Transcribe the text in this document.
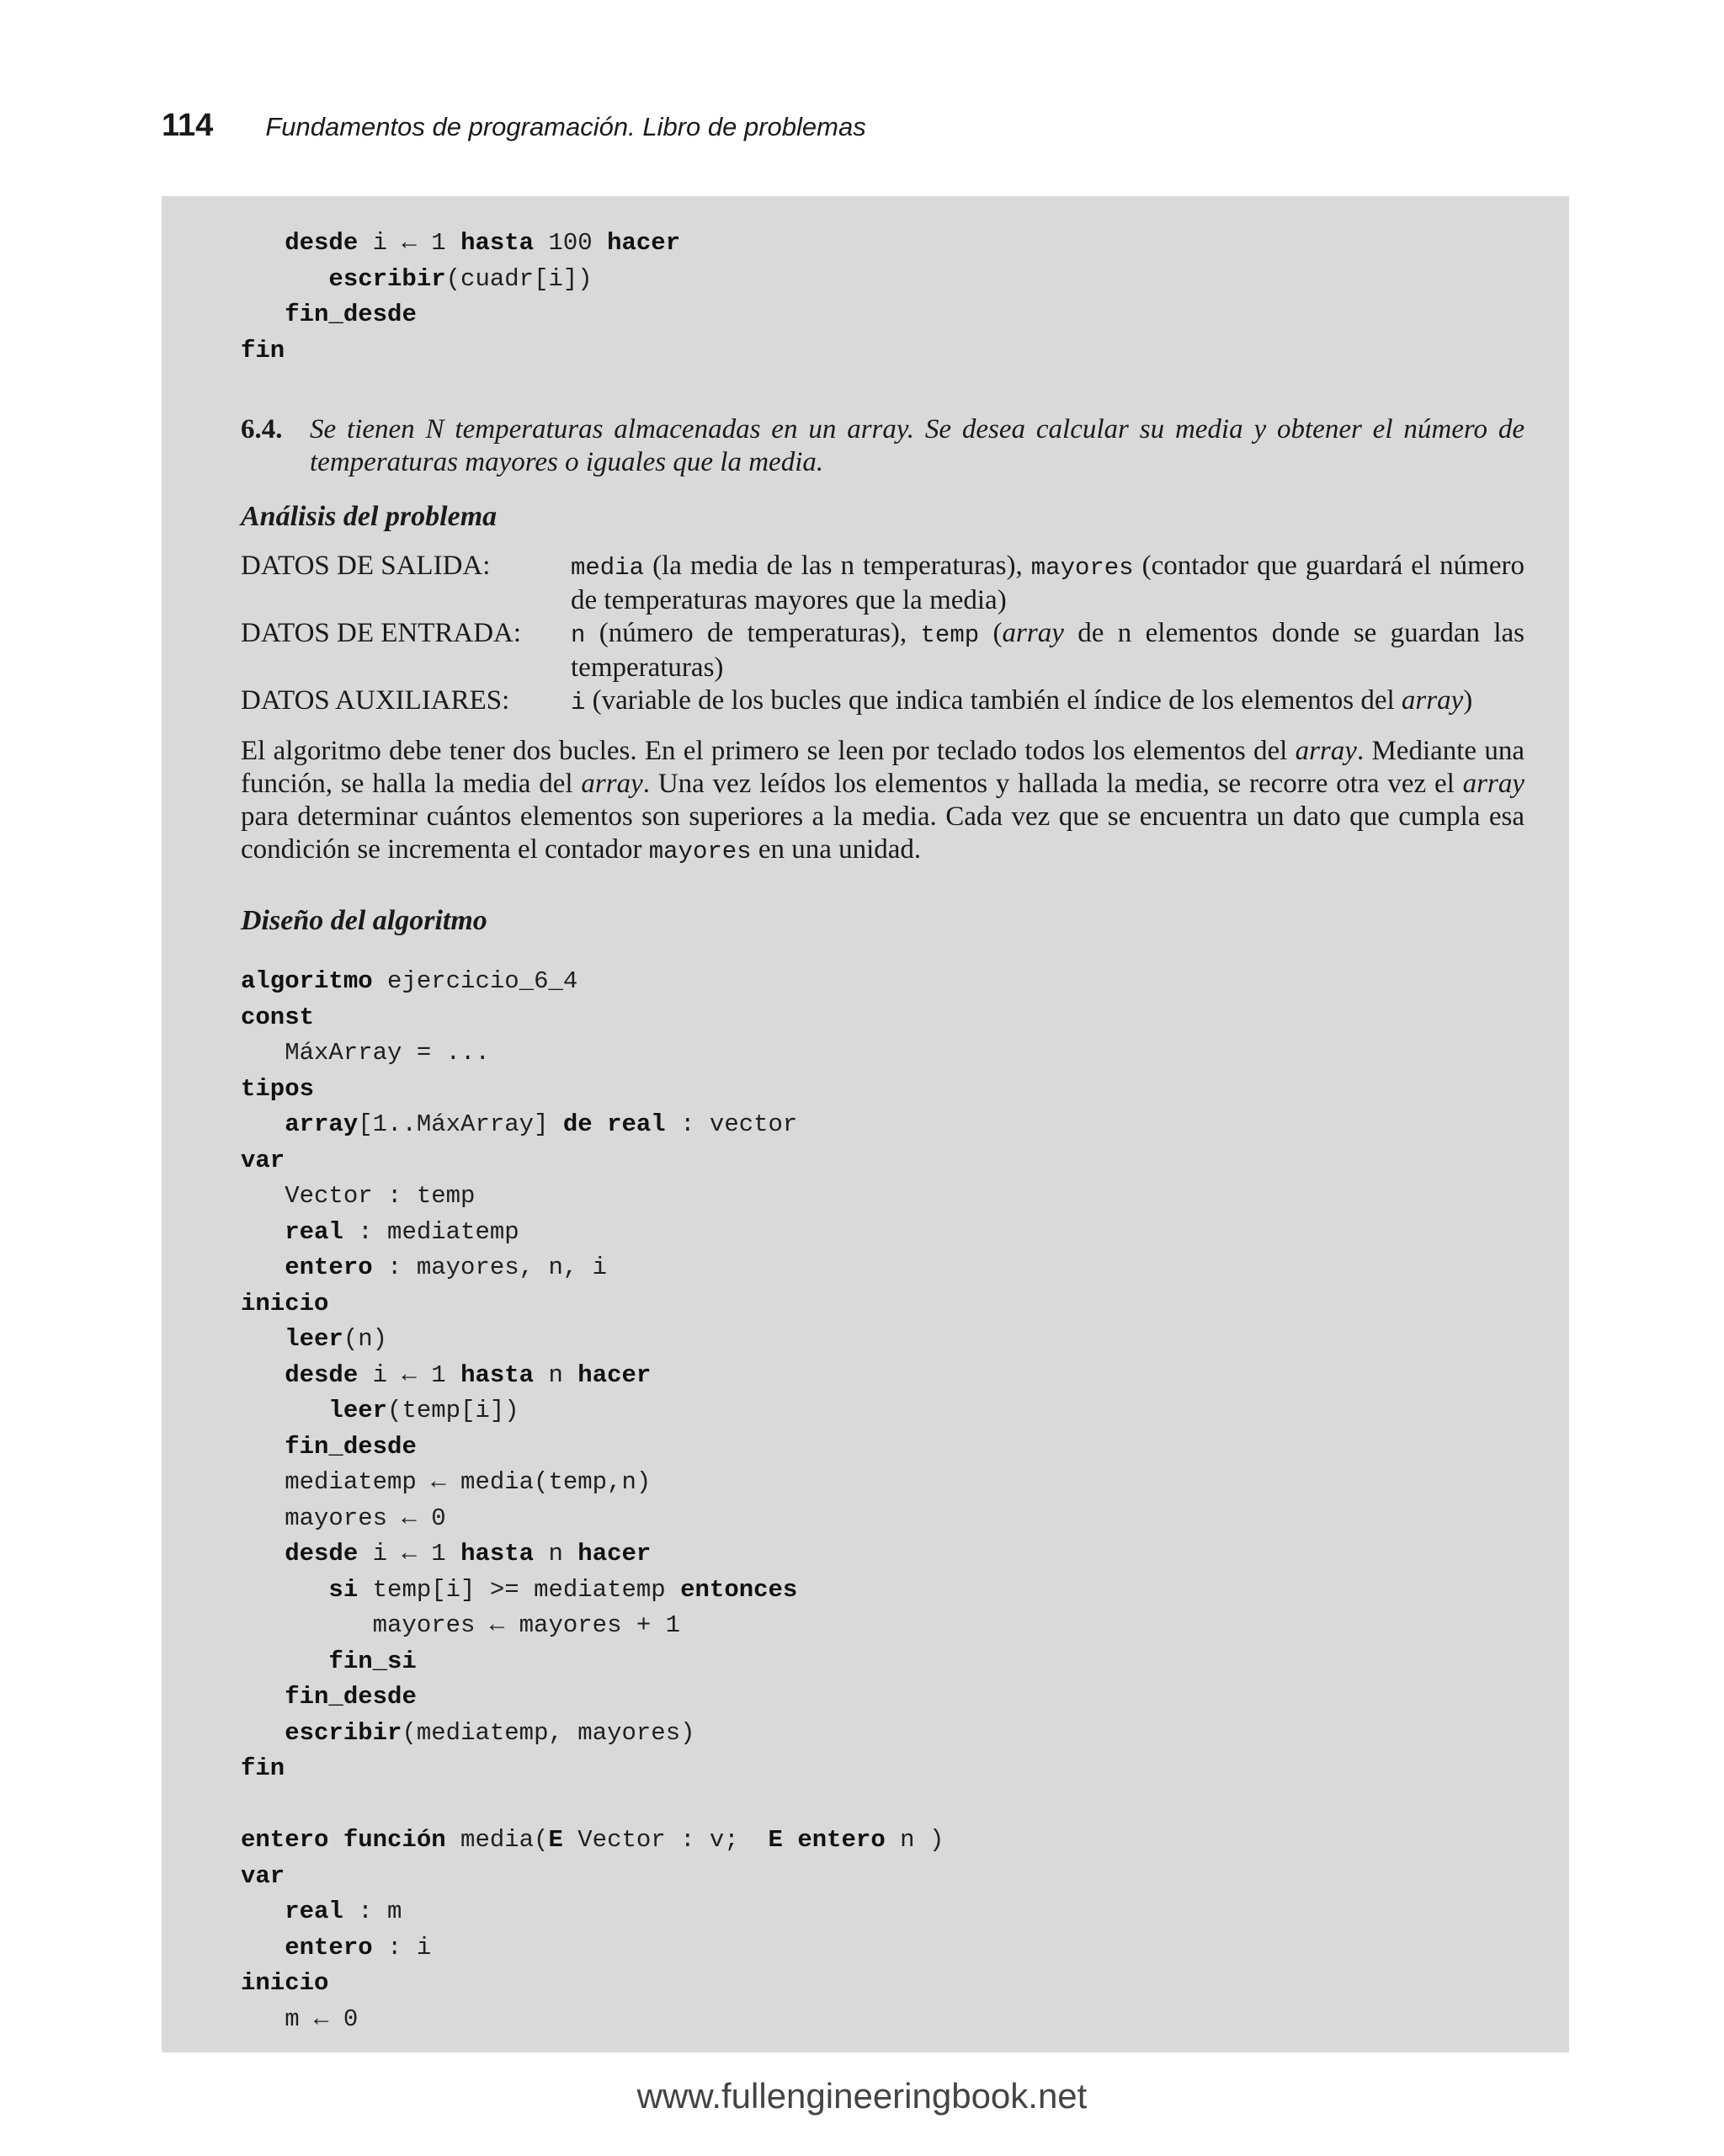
114 Fundamentos de programación. Libro de problemas
desde i ← 1 hasta 100 hacer
escribir(cuadr[i])
fin_desde
fin
6.4. Se tienen N temperaturas almacenadas en un array. Se desea calcular su media y obtener el número de temperaturas mayores o iguales que la media.
Análisis del problema
DATOS DE SALIDA:	media (la media de las n temperaturas), mayores (contador que guardará el número de temperaturas mayores que la media)
DATOS DE ENTRADA:	n (número de temperaturas), temp (array de n elementos donde se guardan las temperaturas)
DATOS AUXILIARES:	i (variable de los bucles que indica también el índice de los elementos del array)
El algoritmo debe tener dos bucles. En el primero se leen por teclado todos los elementos del array. Mediante una función, se halla la media del array. Una vez leídos los elementos y hallada la media, se recorre otra vez el array para determinar cuántos elementos son superiores a la media. Cada vez que se encuentra un dato que cumpla esa condición se incrementa el contador mayores en una unidad.
Diseño del algoritmo
algoritmo ejercicio_6_4
const
MáxArray = ...
tipos
array[1..MáxArray] de real : vector
var
Vector : temp
real : mediatemp
entero : mayores, n, i
inicio
leer(n)
desde i ← 1 hasta n hacer
leer(temp[i])
fin_desde
mediatemp ← media(temp,n)
mayores ← 0
desde i ← 1 hasta n hacer
si temp[i] >= mediatemp entonces
mayores ← mayores + 1
fin_si
fin_desde
escribir(mediatemp, mayores)
fin

entero función media(E Vector : v;  E entero n )
var
real : m
entero : i
inicio
m ← 0
www.fullengineeringbook.net
